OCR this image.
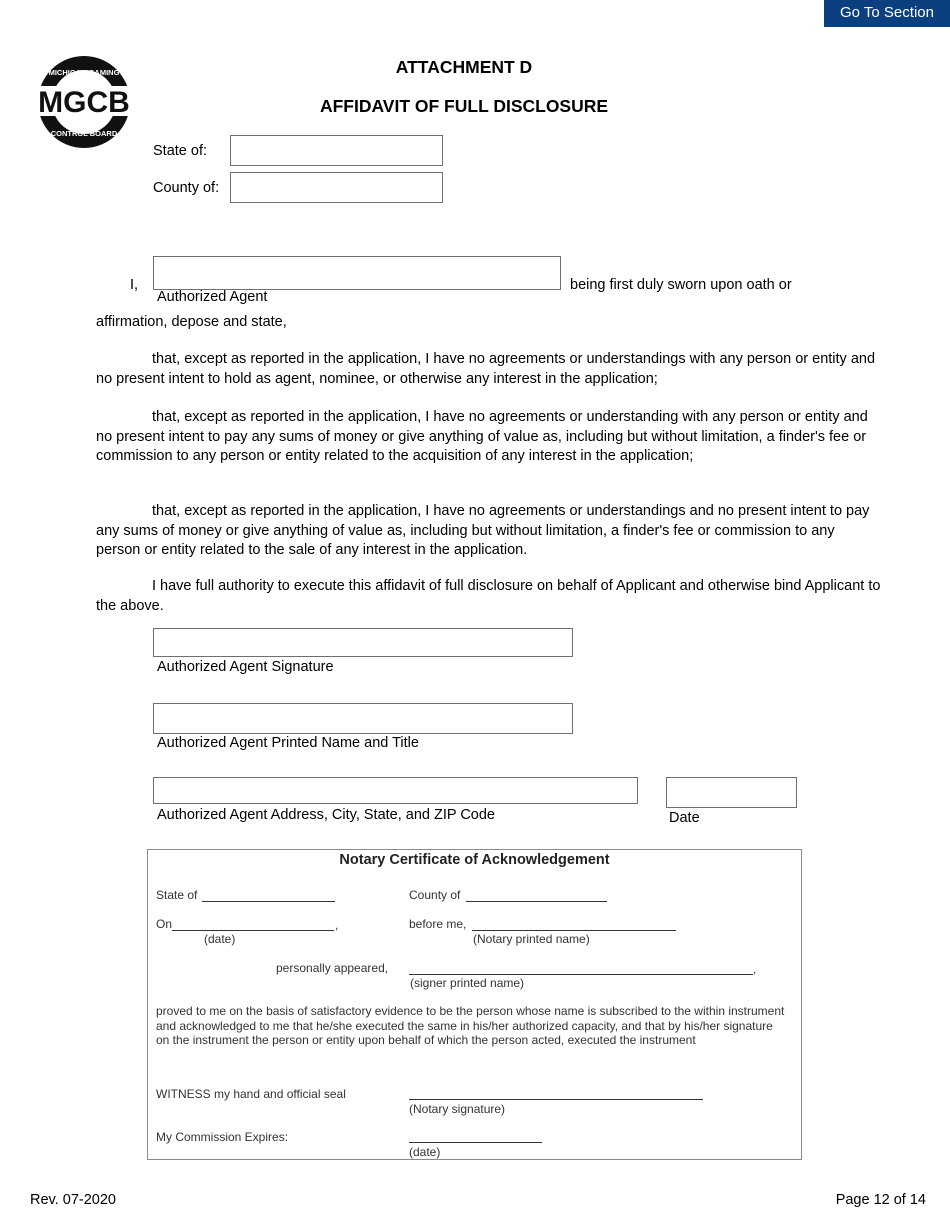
Go To Section
MGCB
MICHIGAN GAMING
CONTROL BOARD
ATTACHMENT D
AFFIDAVIT OF FULL DISCLOSURE
State of:
County of:
I,
Authorized Agent
being first duly sworn upon oath or
affirmation, depose and state,
that, except as reported in the application, I have no agreements or understandings with any person or entity and no present intent to hold as agent, nominee, or otherwise any interest in the application;
that, except as reported in the application, I have no agreements or understanding with any person or entity and no present intent to pay any sums of money or give anything of value as, including but without limitation, a finder's fee or commission to any person or entity related to the acquisition of any interest in the application;
that, except as reported in the application, I have no agreements or understandings and no present intent to pay any sums of money or give anything of value as, including but without limitation, a finder's fee or commission to any person or entity related to the sale of any interest in the application.
I have full authority to execute this affidavit of full disclosure on behalf of Applicant and otherwise bind Applicant to the above.
Authorized Agent Signature
Authorized Agent Printed Name and Title
Authorized Agent Address, City, State, and ZIP Code	Date
Notary Certificate of Acknowledgement
State of	County of
On	,
(date)
before me,
(Notary printed name)
personally appeared,	,
(signer printed name)
proved to me on the basis of satisfactory evidence to be the person whose name is subscribed to the within instrument and acknowledged to me that he/she executed the same in his/her authorized capacity, and that by his/her signature on the instrument the person or entity upon behalf of which the person acted, executed the instrument
WITNESS my hand and official seal
(Notary signature)
My Commission Expires:
(date)
Rev. 07-2020	Page 12 of 14
